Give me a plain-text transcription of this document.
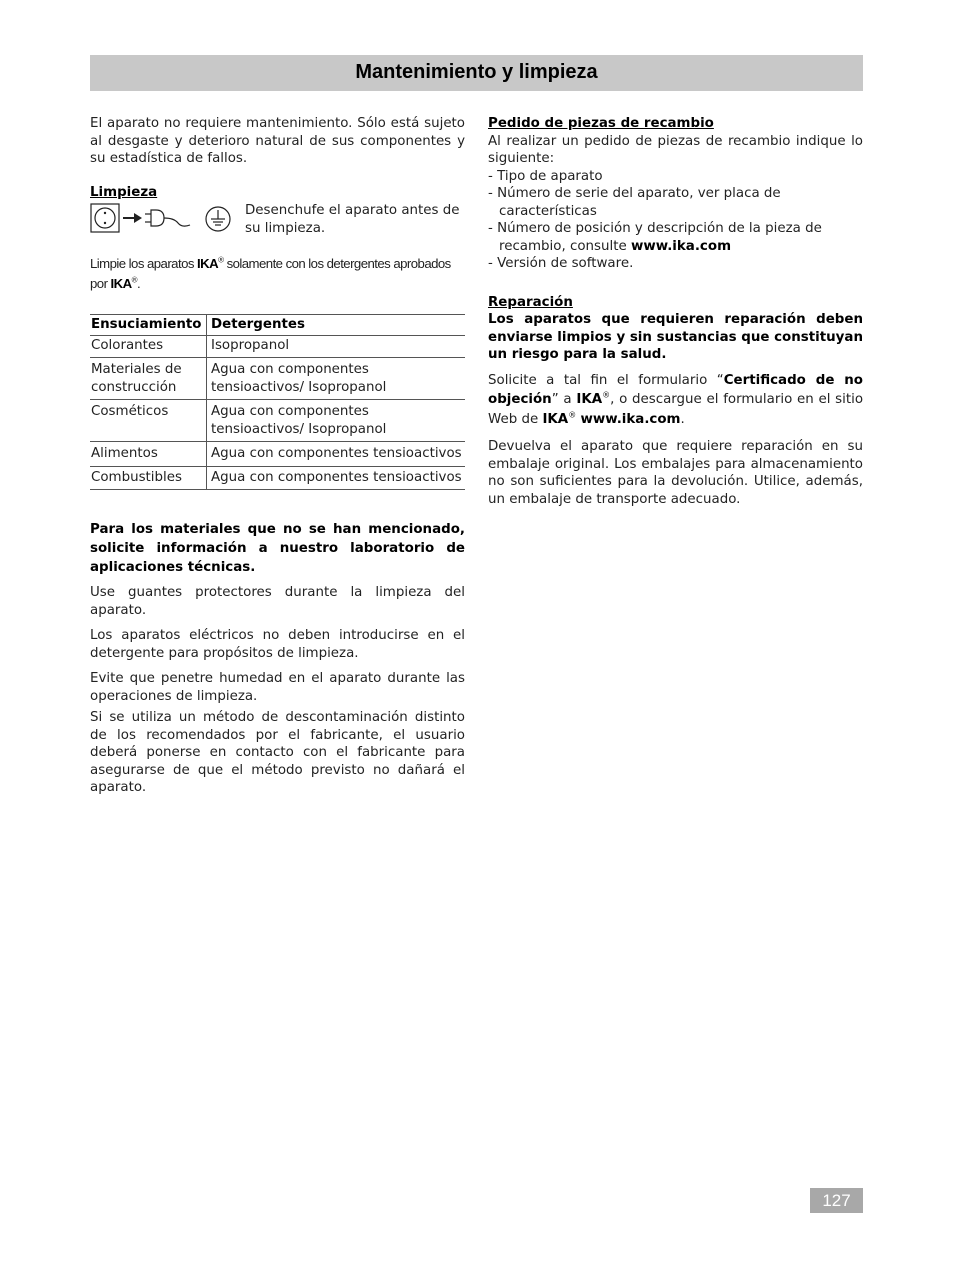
Mantenimiento y limpieza

El aparato no requiere mantenimiento. Sólo está sujeto al desgaste y deterioro natural de sus componentes y su estadística de fallos.

Limpieza

Desenchufe el aparato antes de su limpieza.

Limpie los aparatos IKA® solamente con los detergentes aprobados por IKA®.

Ensuciamiento	Detergentes
Colorantes	Isopropanol
Materiales de construcción	Agua con componentes tensioactivos/ Isopropanol
Cosméticos	Agua con componentes tensioactivos/ Isopropanol
Alimentos	Agua con componentes tensioactivos
Combustibles	Agua con componentes tensioactivos

Para los materiales que no se han mencionado, solicite información a nuestro laboratorio de aplicaciones técnicas.

Use guantes protectores durante la limpieza del aparato.

Los aparatos eléctricos no deben introducirse en el detergente para propósitos de limpieza.

Evite que penetre humedad en el aparato durante las operaciones de limpieza.

Si se utiliza un método de descontaminación distinto de los recomendados por el fabricante, el usuario deberá ponerse en contacto con el fabricante para asegurarse de que el método previsto no dañará el aparato.

Pedido de piezas de recambio

Al realizar un pedido de piezas de recambio indique lo siguiente:

- Tipo de aparato
- Número de serie del aparato, ver placa de características
- Número de posición y descripción de la pieza de recambio, consulte www.ika.com
- Versión de software.

Reparación

Los aparatos que requieren reparación deben enviarse limpios y sin sustancias que constituyan un riesgo para la salud.

Solicite a tal fin el formulario “Certificado de no objeción” a IKA®, o descargue el formulario en el sitio Web de IKA® www.ika.com.

Devuelva el aparato que requiere reparación en su embalaje original. Los embalajes para almacenamiento no son suficientes para la devolución. Utilice, además, un embalaje de transporte adecuado.

127
